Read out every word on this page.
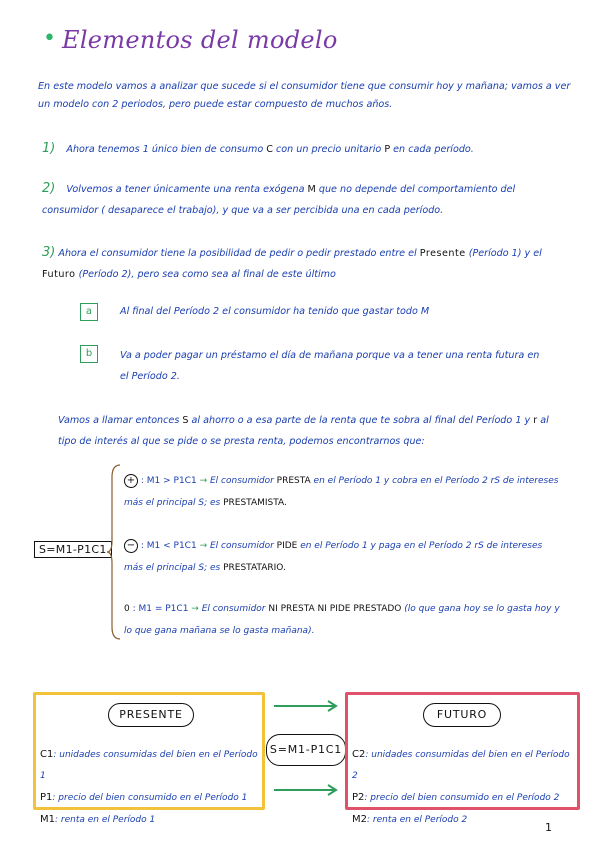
• Elementos del modelo
En este modelo vamos a analizar que sucede si el consumidor tiene que consumir hoy y mañana; vamos a ver un modelo con 2 periodos, pero puede estar compuesto de muchos años.
1) Ahora tenemos 1 único bien de consumo C con un precio unitario P en cada período.
2) Volvemos a tener únicamente una renta exógena M que no depende del comportamiento del consumidor ( desaparece el trabajo), y que va a ser percibida una en cada período.
3) Ahora el consumidor tiene la posibilidad de pedir o pedir prestado entre el Presente (Período 1) y el Futuro (Período 2), pero sea como sea al final de este último
a	Al final del Período 2 el consumidor ha tenido que gastar todo M
b	Va a poder pagar un préstamo el día de mañana porque va a tener una renta futura en el Período 2.
Vamos a llamar entonces S al ahorro o a esa parte de la renta que te sobra al final del Período 1 y r al tipo de interés al que se pide o se presta renta, podemos encontrarnos que:
S=M1-P1C1
+ : M1 > P1C1 → El consumidor PRESTA en el Período 1 y cobra en el Período 2 rS de intereses más el principal S; es PRESTAMISTA.
− : M1 < P1C1 → El consumidor PIDE en el Período 1 y paga en el Período 2 rS de intereses más el principal S; es PRESTATARIO.
0 : M1 = P1C1 → El consumidor NI PRESTA NI PIDE PRESTADO (lo que gana hoy se lo gasta hoy y lo que gana mañana se lo gasta mañana).
PRESENTE
C1: unidades consumidas del bien en el Período 1
P1: precio del bien consumido en el Período 1
M1: renta en el Período 1
S=M1-P1C1
FUTURO
C2: unidades consumidas del bien en el Período 2
P2: precio del bien consumido en el Período 2
M2: renta en el Período 2
1
